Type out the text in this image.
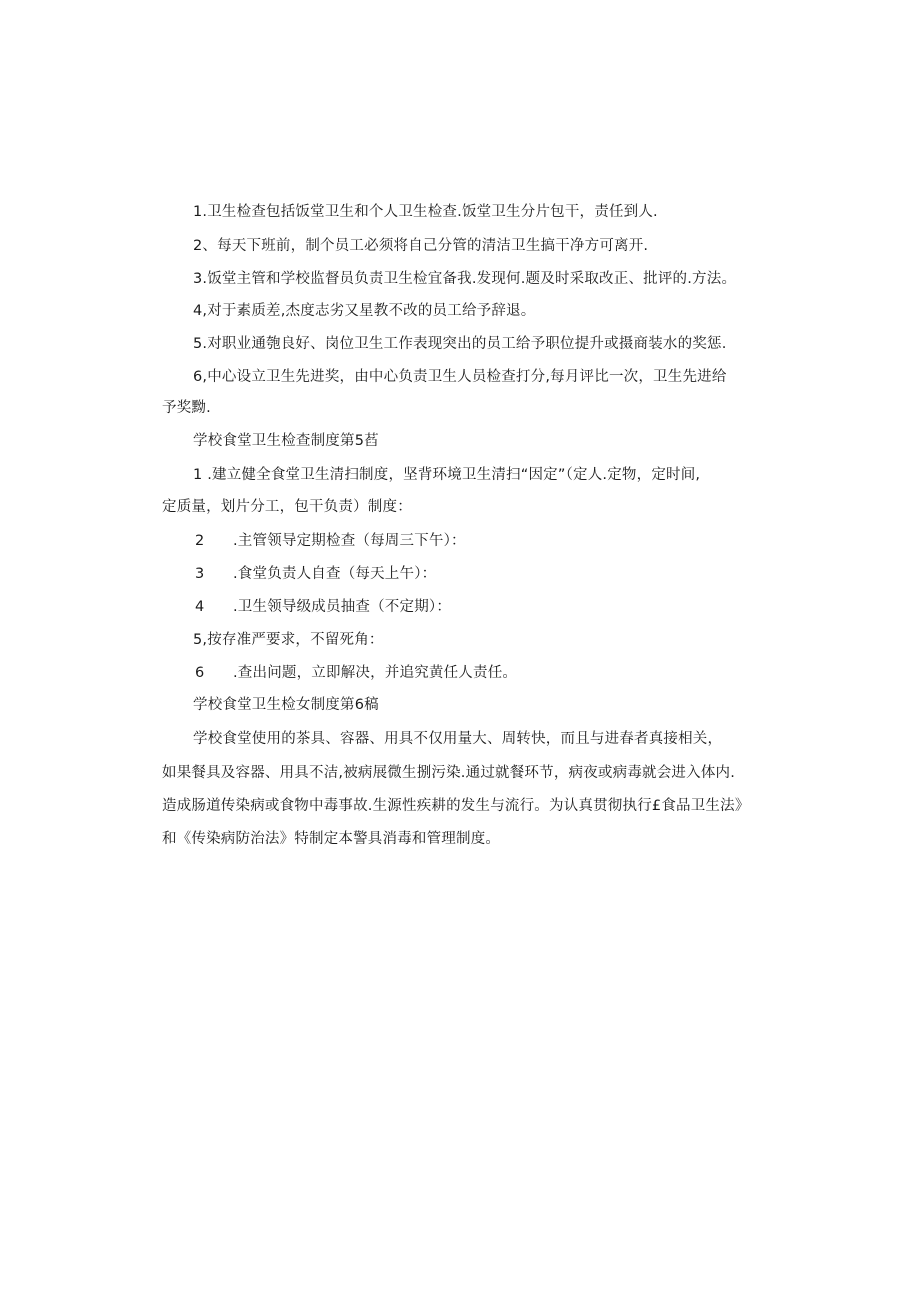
1.卫生检查包括饭堂卫生和个人卫生检查.饭堂卫生分片包干，责任到人.
2、每天下班前，制个员工必须将自己分管的清洁卫生搞干净方可离开.
3.饭堂主管和学校监督员负责卫生检宜备我.发现何.题及时采取改正、批评的.方法。
4,对于素质差,杰度志劣又星教不改的员工给予辞退。
5.对职业通匏良好、岗位卫生工作表现突出的员工给予职位提升或摄商装水的奖惩.
6,中心设立卫生先进奖，由中心负责卫生人员检查打分,每月评比一次，卫生先进给
予奖黝.
学校食堂卫生检查制度第5萏
1 .建立健全食堂卫生清扫制度，坚背环境卫生清扫“因定”（定人.定物，定时间,
定质量，划片分工，包干负责）制度：
2 .主管领导定期检查（每周三下午）：
3 .食堂负责人自查（每天上午）：
4 .卫生领导级成员抽查（不定期）：
5,按存准严要求，不留死角：
6 .查出问题，立即解决，并追究黄任人责任。
学校食堂卫生检女制度第6稿
学校食堂使用的茶具、容器、用具不仅用量大、周转快，而且与进春者真接相关，
如果餐具及容器、用具不洁,被病展微生捌污染.通过就餐环节，病夜或病毒就会进入体内.
造成肠道传染病或食物中毒事故.生源性疾耕的发生与流行。为认真贯彻执行£食品卫生法》
和《传染病防治法》特制定本警具消毒和管理制度。
